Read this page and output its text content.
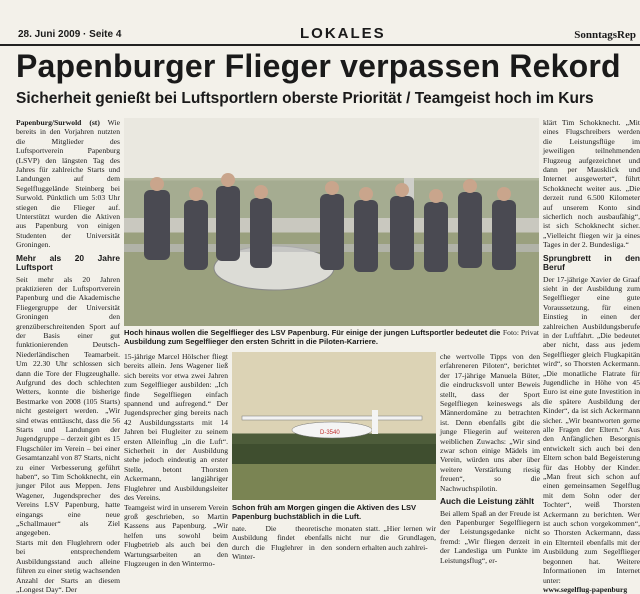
28. Juni 2009 · Seite 4	LOKALES	SonntagsRep
Papenburger Flieger verpassen Rekord
Sicherheit genießt bei Luftsportlern oberste Priorität / Teamgeist hoch im Kurs

Papenburg/Surwold (st) Wie bereits in den Vorjahren nutzten die Mitglieder des Luftsportverein Papenburg (LSVP) den längsten Tag des Jahres für zahlreiche Starts und Landungen auf dem Segelfluggelände Steinberg bei Surwold. Pünktlich um 5:03 Uhr stiegen die Flieger auf. Unterstützt wurden die Aktiven aus Papenburg von einigen Studenten der Universität Groningen.

Mehr als 20 Jahre Luftsport

Seit mehr als 20 Jahren praktizieren der Luftsportverein Papenburg und die Akademische Fliegergruppe der Universität Groningen den grenzüberschreitenden Sport auf der Basis einer gut funktionierenden Deutsch-Niederländischen Teamarbeit. Um 22.30 Uhr schlossen sich dann die Tore der Flugzeughalle. Aufgrund des doch schlechten Wetters, konnte die bisherige Bestmarke von 2008 (105 Starts) nicht gesteigert werden. „Wir sind etwas enttäuscht, dass die 56 Starts und Landungen der Jugendgruppe – derzeit gibt es 15 Flugschüler im Verein – bei einer Gesamtanzahl von 87 Starts, nicht zu einer Verbesserung geführt haben“, so Tim Schokknecht, ein junger Pilot aus Meppen. Jens Wagener, Jugendsprecher des Vereins LSV Papenburg, hatte eingangs eine neue „Schallmauer“ als Ziel angegeben.

Starts mit den Fluglehrern oder bei entsprechendem Ausbildungsstand auch alleine führen zu einer stetig wachsenden Anzahl der Starts an diesem „Longest Day“. Der

Hoch hinaus wollen die Segelflieger des LSV Papenburg. Für einige der jungen Luftsportler bedeutet die Ausbildung zum Segelflieger den ersten Schritt in die Piloten-Karriere.
Foto: Privat

15-jährige Marcel Hölscher fliegt bereits allein. Jens Wagener ließ sich bereits vor etwa zwei Jahren zum Segelflieger ausbilden: „Ich finde Segelfliegen einfach spannend und aufregend.“ Der Jugendsprecher ging bereits nach 42 Ausbildungsstarts mit 14 Jahren bei Flugleiter zu seinem ersten Alleinflug „in die Luft“. Sicherheit in der Ausbildung stehe jedoch eindeutig an erster Stelle, betont Thorsten Ackermann, langjähriger Fluglehrer und Ausbildungsleiter des Vereins.

Teamgeist wird in unserem Verein groß geschrieben, so Martin Kassens aus Papenburg. „Wir helfen uns sowohl beim Flugbetrieb als auch bei den Wartungsarbeiten an den Flugzeugen in den Wintermo-

D-3540
Schon früh am Morgen gingen die Aktiven des LSV Papenburg buchstäblich in die Luft.

nate. Die theoretische Ausbildung findet ebenfalls durch die Fluglehrer in den Winter-

monaten statt. „Hier lernen wir nicht nur die Grundlagen, sondern erhalten auch zahlrei-

che wertvolle Tipps von den erfahreneren Piloten“, berichtet der 17-jährige Manuela Büter, die eindrucksvoll unter Beweis stellt, dass der Sport Segelfliegen keineswegs als Männerdomäne zu betrachten ist. Denn ebenfalls gibt die junge Fliegerin auf weiteren weiblichen Zuwachs: „Wir sind zwar schon einige Mädels im Verein, würden uns aber über weitere Verstärkung riesig freuen“, so die Nachwuchspilotin.

Auch die Leistung zählt

Bei allem Spaß an der Freude ist den Papenburger Segelfliegern der Leistungsgedanke nicht fremd: „Wir fliegen derzeit in der Landesliga um Punkte im Leistungsflug“, er-

klärt Tim Schokknecht. „Mit eines Flugschreibers werden die Leistungsflüge im jeweiligen teilnehmenden Flugzeug aufgezeichnet und dann per Mausklick und Internet ausgewertet“, führt Schokknecht weiter aus. „Die derzeit rund 6.500 Kilometer auf unserem Konto sind sicherlich noch ausbaufähig“, ist sich Schokknecht sicher. „Vielleicht fliegen wir ja eines Tages in der 2. Bundesliga.“

Sprungbrett in den Beruf

Der 17-jährige Xavier de Graaf sieht in der Ausbildung zum Segelflieger eine gute Voraussetzung, für einen Einstieg in einen der zahlreichen Ausbildungsberufe in der Luftfahrt. „Die bedeutet aber nicht, dass aus jedem Segelflieger gleich Flugkapitän wird“, so Thorsten Ackermann. „Die monatliche Flatrate für Jugendliche in Höhe von 45 Euro ist eine gute Investition in die spätere Ausbildung der Kinder“, da ist sich Ackermann sicher. „Wir beantworten gerne alle Fragen der Eltern.“ Aus den Anfänglichen Besorgnis entwickelt sich auch bei den Eltern schon bald Begeisterung für das Hobby der Kinder. „Man freut sich schon auf einen gemeinsamen Segelflug mit dem Sohn oder der Tochter“, weiß Thorsten Ackermann zu berichten. Wer ist auch schon vorgekommen“, so Thorsten Ackermann, dass ein Elternteil ebenfalls mit der Ausbildung zum Segelflieger begonnen hat. Weitere Informationen im Internet unter:

www.segelflug-papenburg
